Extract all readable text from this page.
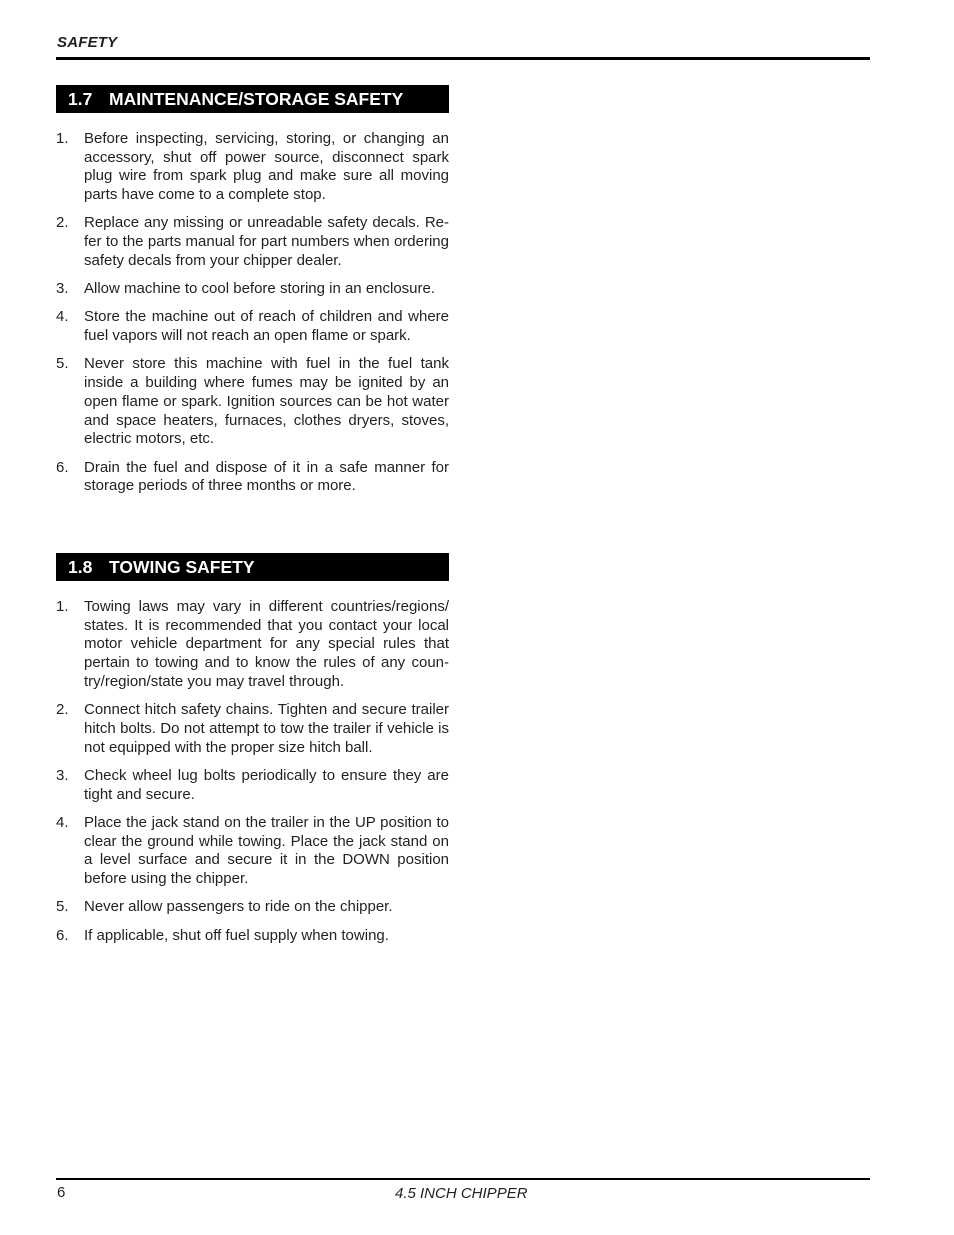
SAFETY
1.7 MAINTENANCE/STORAGE SAFETY
1.	Before inspecting, servicing, storing, or changing an accessory, shut off power source, disconnect spark plug wire from spark plug and make sure all moving parts have come to a complete stop.
2.	Replace any missing or unreadable safety decals. Re-fer to the parts manual for part numbers when ordering safety decals from your chipper dealer.
3.	Allow machine to cool before storing in an enclosure.
4.	Store the machine out of reach of children and where fuel vapors will not reach an open flame or spark.
5.	Never store this machine with fuel in the fuel tank inside a building where fumes may be ignited by an open flame or spark. Ignition sources can be hot water and space heaters, furnaces, clothes dryers, stoves, electric motors, etc.
6.	Drain the fuel and dispose of it in a safe manner for storage periods of three months or more.
1.8 TOWING SAFETY
1.	Towing laws may vary in different countries/regions/ states. It is recommended that you contact your local motor vehicle department for any special rules that pertain to towing and to know the rules of any coun-try/region/state you may travel through.
2.	Connect hitch safety chains. Tighten and secure trailer hitch bolts. Do not attempt to tow the trailer if vehicle is not equipped with the proper size hitch ball.
3.	Check wheel lug bolts periodically to ensure they are tight and secure.
4.	Place the jack stand on the trailer in the UP position to clear the ground while towing. Place the jack stand on a level surface and secure it in the DOWN position before using the chipper.
5.	Never allow passengers to ride on the chipper.
6.	If applicable, shut off fuel supply when towing.
6	4.5 INCH CHIPPER
